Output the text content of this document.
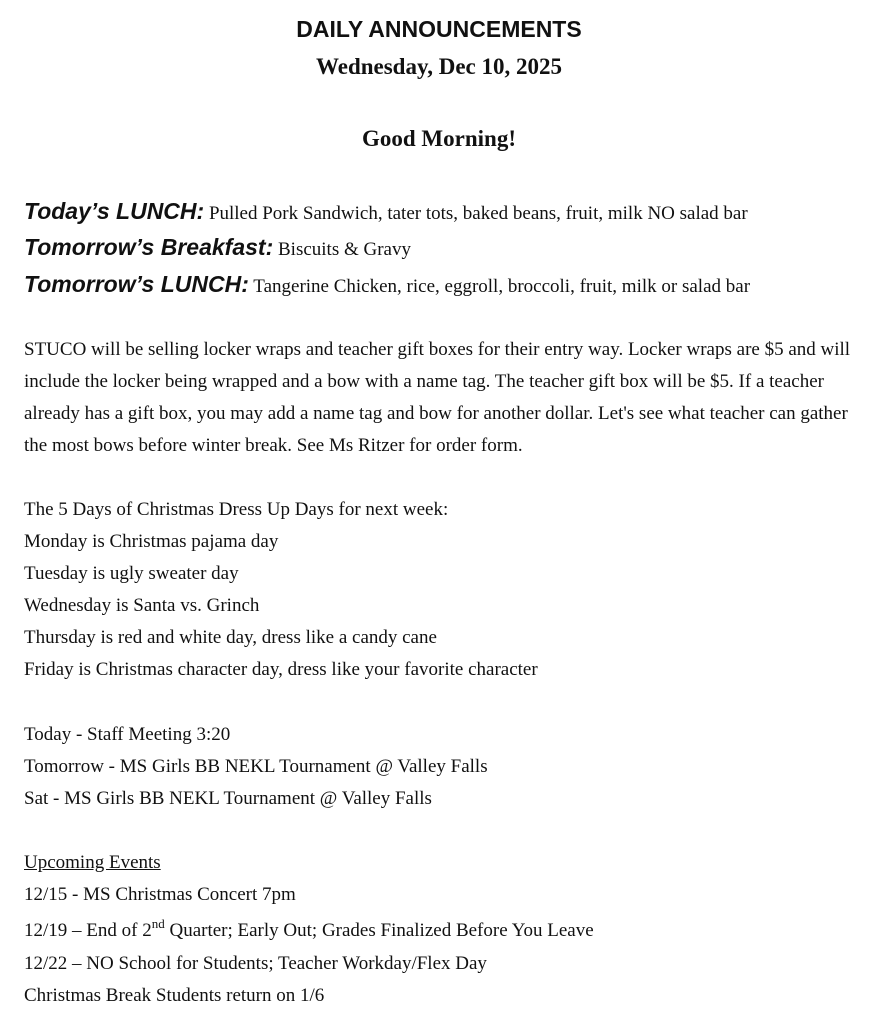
DAILY ANNOUNCEMENTS
Wednesday, Dec 10, 2025
Good Morning!
Today’s LUNCH: Pulled Pork Sandwich, tater tots, baked beans, fruit, milk NO salad bar
Tomorrow’s Breakfast: Biscuits & Gravy
Tomorrow’s LUNCH: Tangerine Chicken, rice, eggroll, broccoli, fruit, milk or salad bar
STUCO will be selling locker wraps and teacher gift boxes for their entry way. Locker wraps are $5 and will include the locker being wrapped and a bow with a name tag. The teacher gift box will be $5. If a teacher already has a gift box, you may add a name tag and bow for another dollar. Let's see what teacher can gather the most bows before winter break. See Ms Ritzer for order form.
The 5 Days of Christmas Dress Up Days for next week:
Monday is Christmas pajama day
Tuesday is ugly sweater day
Wednesday is Santa vs. Grinch
Thursday is red and white day, dress like a candy cane
Friday is Christmas character day, dress like your favorite character
Today - Staff Meeting 3:20
Tomorrow - MS Girls BB NEKL Tournament @ Valley Falls
Sat - MS Girls BB NEKL Tournament @ Valley Falls
Upcoming Events
12/15 - MS Christmas Concert 7pm
12/19 – End of 2nd Quarter; Early Out; Grades Finalized Before You Leave
12/22 – NO School for Students; Teacher Workday/Flex Day
Christmas Break Students return on 1/6
